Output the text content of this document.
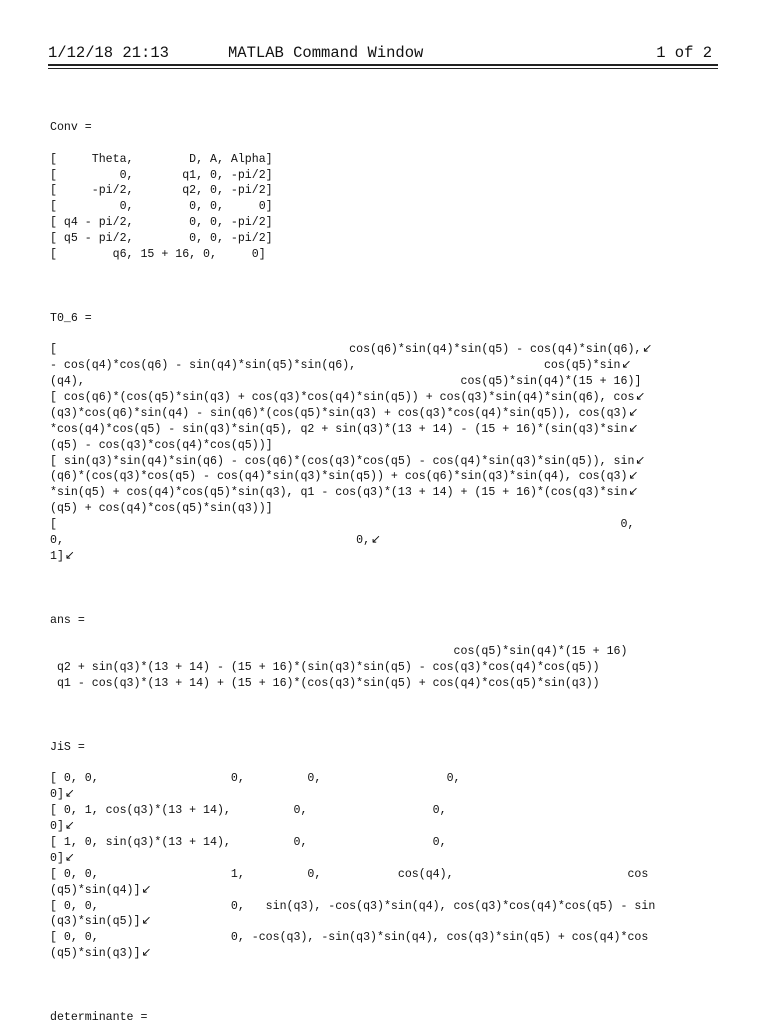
1/12/18 21:13	MATLAB Command Window	1 of 2
Conv =
[     Theta,        D, A, Alpha]
[         0,       q1, 0, -pi/2]
[     -pi/2,       q2, 0, -pi/2]
[         0,        0, 0,     0]
[ q4 - pi/2,        0, 0, -pi/2]
[ q5 - pi/2,        0, 0, -pi/2]
[        q6, 15 + 16, 0,     0]
T0_6 =
[                                          cos(q6)*sin(q4)*sin(q5) - cos(q4)*sin(q6),↙
- cos(q4)*cos(q6) - sin(q4)*sin(q5)*sin(q6),                           cos(q5)*sin↙
(q4),                                                      cos(q5)*sin(q4)*(15 + 16)]
[ cos(q6)*(cos(q5)*sin(q3) + cos(q3)*cos(q4)*sin(q5)) + cos(q3)*sin(q4)*sin(q6), cos↙
(q3)*cos(q6)*sin(q4) - sin(q6)*(cos(q5)*sin(q3) + cos(q3)*cos(q4)*sin(q5)), cos(q3)↙
*cos(q4)*cos(q5) - sin(q3)*sin(q5), q2 + sin(q3)*(13 + 14) - (15 + 16)*(sin(q3)*sin↙
(q5) - cos(q3)*cos(q4)*cos(q5))]
[ sin(q3)*sin(q4)*sin(q6) - cos(q6)*(cos(q3)*cos(q5) - cos(q4)*sin(q3)*sin(q5)), sin↙
(q6)*(cos(q3)*cos(q5) - cos(q4)*sin(q3)*sin(q5)) + cos(q6)*sin(q3)*sin(q4), cos(q3)↙
*sin(q5) + cos(q4)*cos(q5)*sin(q3), q1 - cos(q3)*(13 + 14) + (15 + 16)*(cos(q3)*sin↙
(q5) + cos(q4)*cos(q5)*sin(q3))]
[                                                                                 0,
0,                                          0,↙
1]↙
ans =
cos(q5)*sin(q4)*(15 + 16)
q2 + sin(q3)*(13 + 14) - (15 + 16)*(sin(q3)*sin(q5) - cos(q3)*cos(q4)*cos(q5))
q1 - cos(q3)*(13 + 14) + (15 + 16)*(cos(q3)*sin(q5) + cos(q4)*cos(q5)*sin(q3))
JiS =
[ 0, 0,                   0,         0,                  0,
0]↙
[ 0, 1, cos(q3)*(13 + 14),         0,                  0,
0]↙
[ 1, 0, sin(q3)*(13 + 14),         0,                  0,
0]↙
[ 0, 0,                   1,         0,           cos(q4),                         cos
(q5)*sin(q4)]↙
[ 0, 0,                   0,   sin(q3), -cos(q3)*sin(q4), cos(q3)*cos(q4)*cos(q5) - sin
(q3)*sin(q5)]↙
[ 0, 0,                   0, -cos(q3), -sin(q3)*sin(q4), cos(q3)*sin(q5) + cos(q4)*cos
(q5)*sin(q3)]↙
determinante =
